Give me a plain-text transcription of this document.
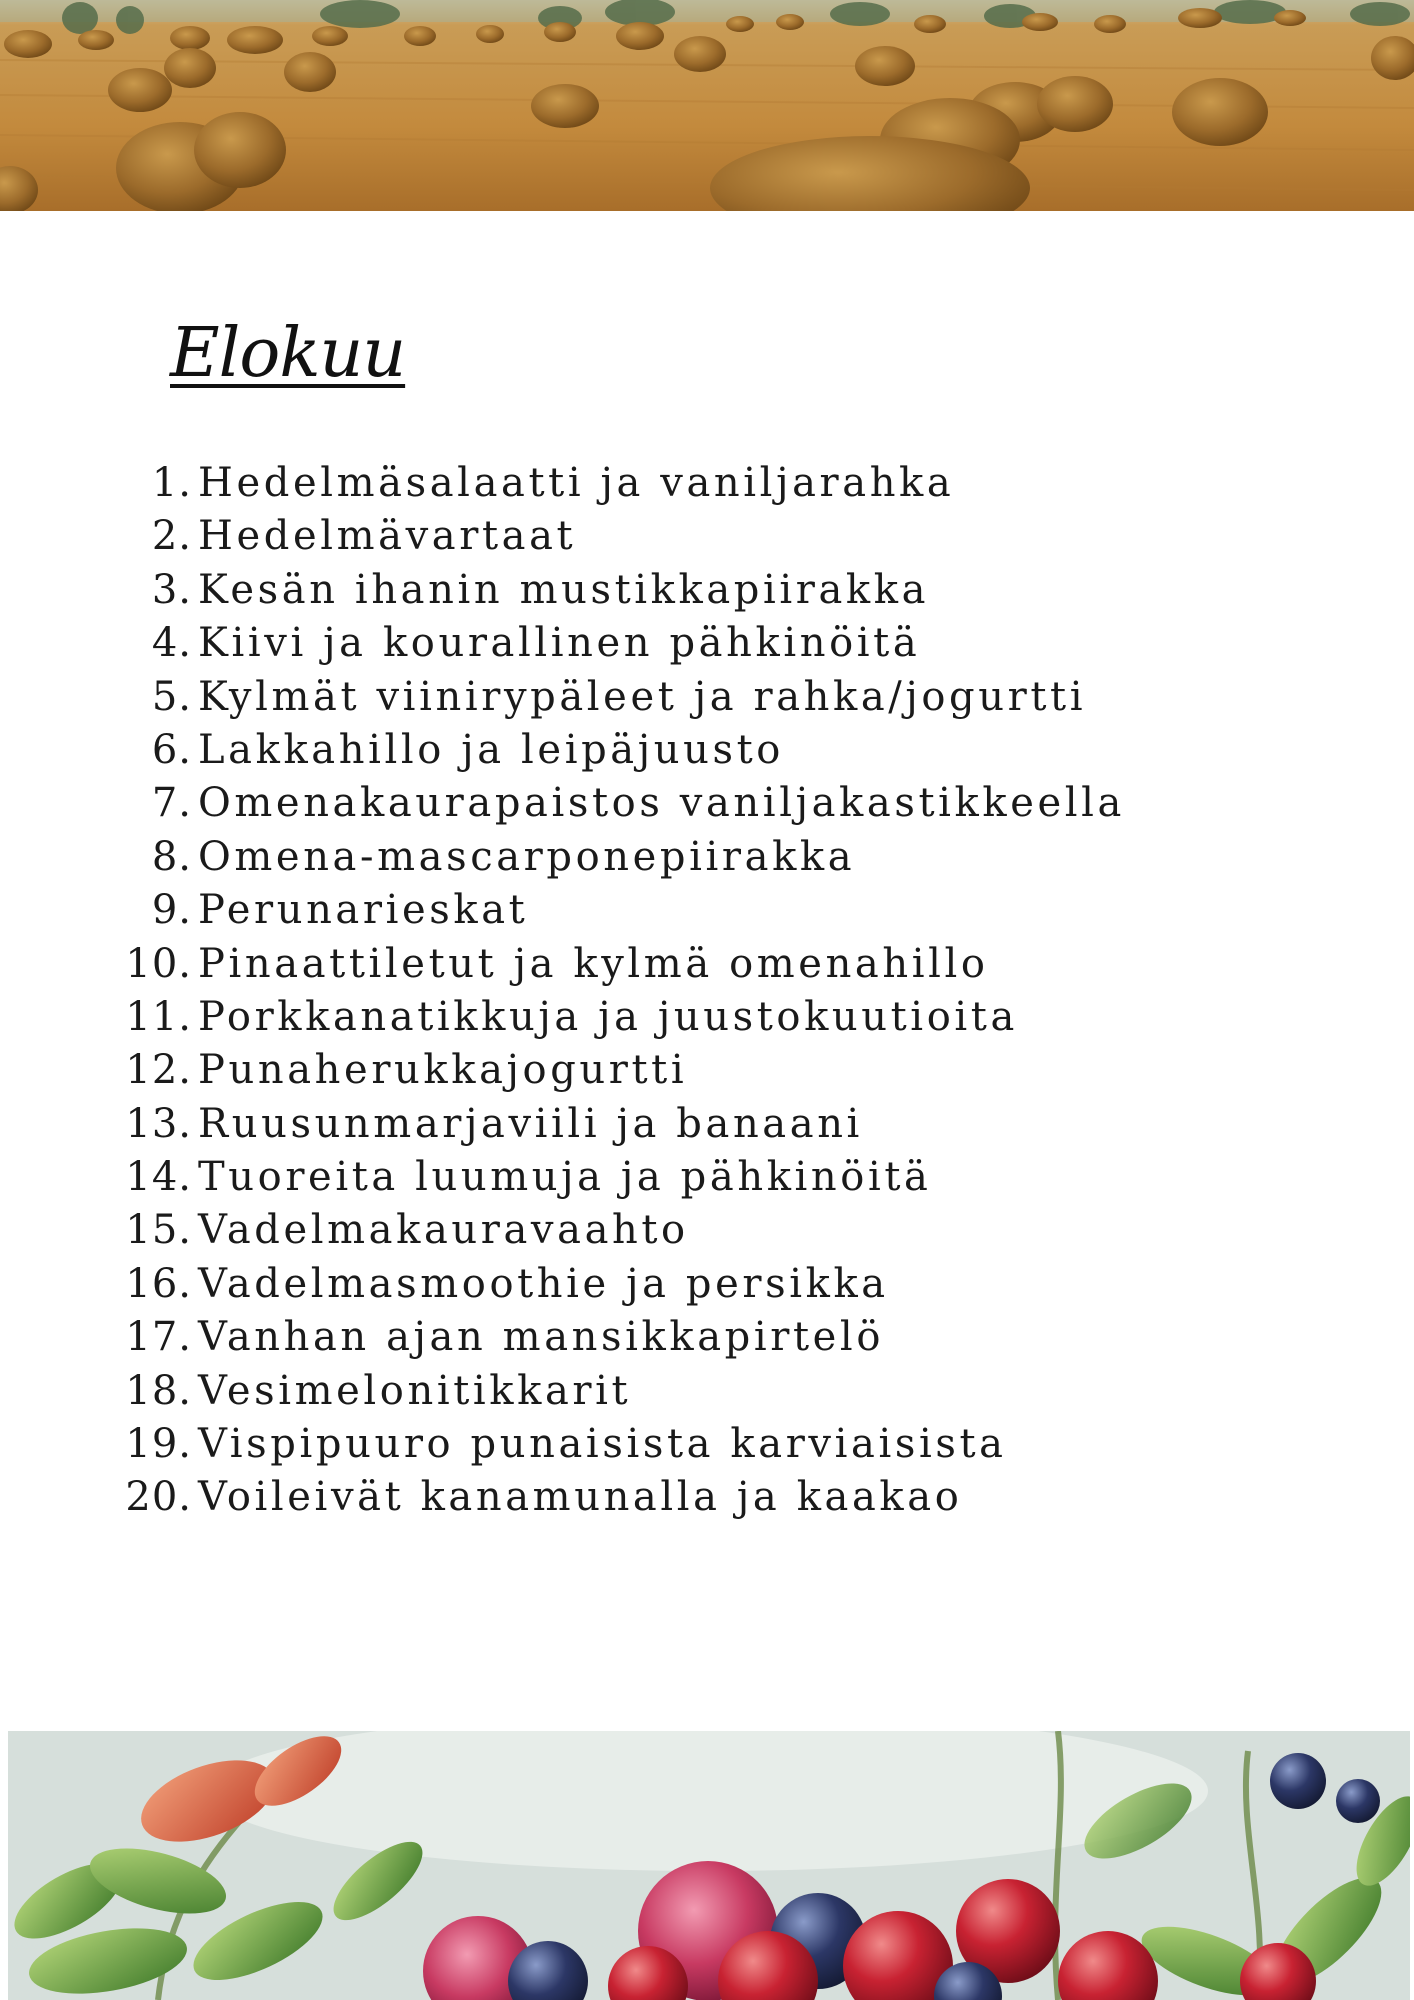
Elokuu
1. Hedelmäsalaatti ja vaniljarahka
2. Hedelmävartaat
3. Kesän ihanin mustikkapiirakka
4. Kiivi ja kourallinen pähkinöitä
5. Kylmät viinirypäleet ja rahka/jogurtti
6. Lakkahillo ja leipäjuusto
7. Omenakaurapaistos vaniljakastikkeella
8. Omena-mascarponepiirakka
9. Perunarieskat
10. Pinaattiletut ja kylmä omenahillo
11. Porkkanatikkuja ja juustokuutioita
12. Punaherukkajogurtti
13. Ruusunmarjaviili ja banaani
14. Tuoreita luumuja ja pähkinöitä
15. Vadelmakauravaahto
16. Vadelmasmoothie ja persikka
17. Vanhan ajan mansikkapirtelö
18. Vesimelonitikkarit
19. Vispipuuro punaisista karviaisista
20. Voileivät kanamunalla ja kaakao
